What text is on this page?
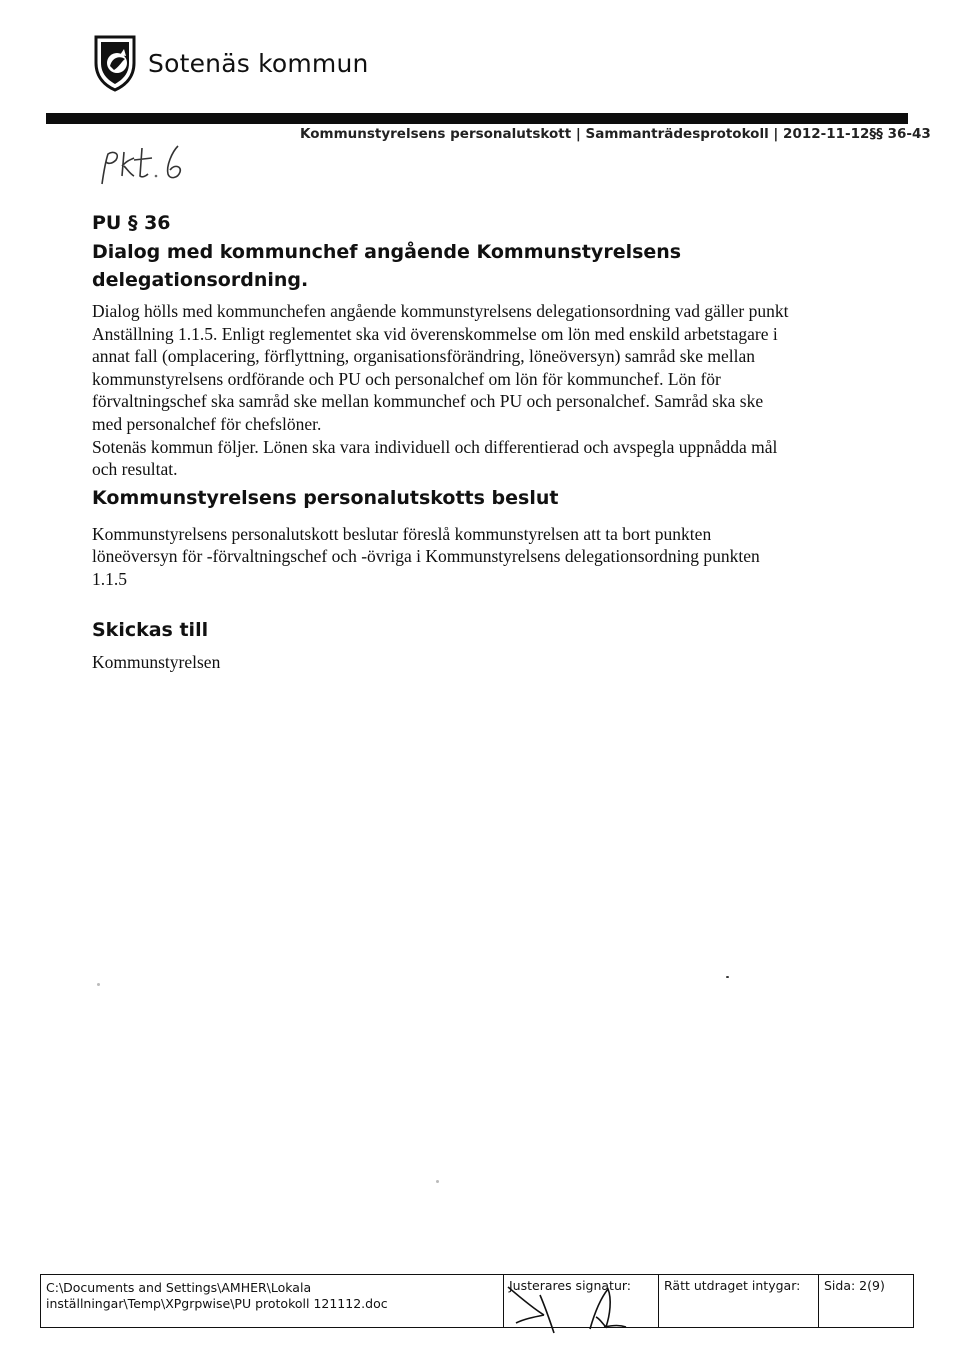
Sotenäs kommun
Kommunstyrelsens personalutskott | Sammanträdesprotokoll | 2012-11-12§§ 36-43
PU § 36
Dialog med kommunchef angående Kommunstyrelsens
delegationsordning.
Dialog hölls med kommunchefen angående kommunstyrelsens delegationsordning vad gäller punkt
Anställning 1.1.5. Enligt reglementet ska vid överenskommelse om lön med enskild arbetstagare i
annat fall (omplacering, förflyttning, organisationsförändring, löneöversyn) samråd ske mellan
kommunstyrelsens ordförande och PU och personalchef om lön för kommunchef. Lön för
förvaltningschef ska samråd ske mellan kommunchef och PU och personalchef. Samråd ska ske
med personalchef för chefslöner.
Sotenäs kommun följer. Lönen ska vara individuell och differentierad och avspegla uppnådda mål
och resultat.
Kommunstyrelsens personalutskotts beslut
Kommunstyrelsens personalutskott beslutar föreslå kommunstyrelsen att ta bort punkten
löneöversyn för -förvaltningschef och -övriga i Kommunstyrelsens delegationsordning punkten
1.1.5
Skickas till
Kommunstyrelsen
C:\Documents and Settings\AMHER\Lokala
inställningar\Temp\XPgrpwise\PU protokoll 121112.doc
Justerares signatur:	Rätt utdraget intygar:	Sida: 2(9)
